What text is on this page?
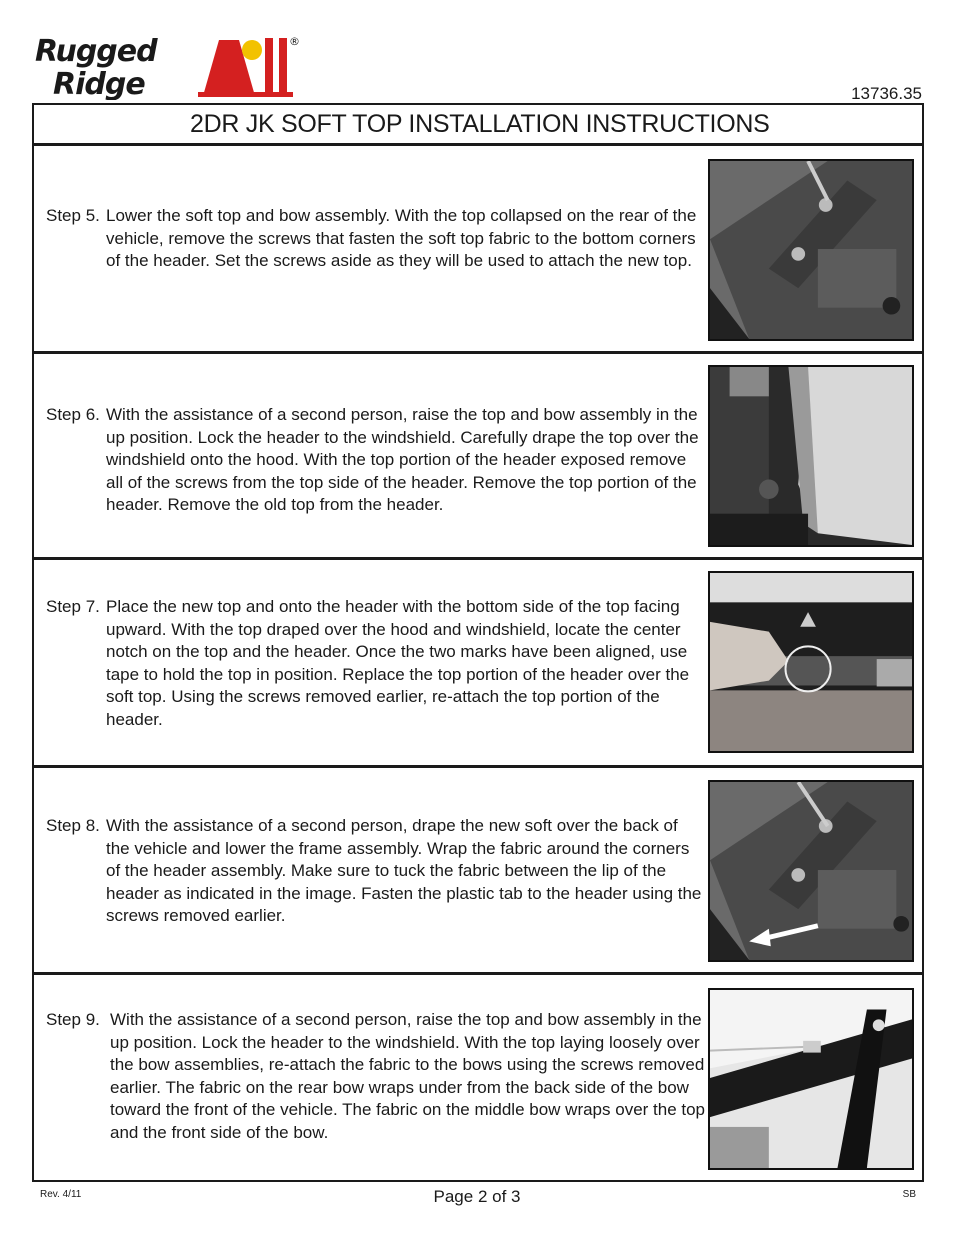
Rugged
Ridge
®
13736.35
2DR JK SOFT TOP INSTALLATION INSTRUCTIONS
Step 5. Lower the soft top and bow assembly. With the top collapsed on the rear of the vehicle, remove the screws that fasten the soft top fabric to the bottom corners of the header. Set the screws aside as they will be used to attach the new top.
Step 6. With the assistance of a second person, raise the top and bow assembly in the up position. Lock the header to the windshield. Carefully drape the top over the windshield onto the hood. With the top portion of the header exposed remove all of the screws from the top side of the header. Remove the top portion of the header. Remove the old top from the header.
Step 7. Place the new top and onto the header with the bottom side of the top facing upward. With the top draped over the hood and windshield, locate the center notch on the top and the header. Once the two marks have been aligned, use tape to hold the top in position. Replace the top portion of the header over the soft top. Using the screws removed earlier, re-attach the top portion of the header.
Step 8. With the assistance of a second person, drape the new soft over the back of the vehicle and lower the frame assembly. Wrap the fabric around the corners of the header assembly. Make sure to tuck the fabric between the lip of the header as indicated in the image. Fasten the plastic tab to the header using the screws removed earlier.
Step 9. With the assistance of a second person, raise the top and bow assembly in the up position. Lock the header to the windshield. With the top laying loosely over the bow assemblies, re-attach the fabric to the bows using the screws removed earlier. The fabric on the rear bow wraps under from the back side of the bow toward the front of the vehicle. The fabric on the middle bow wraps over the top and the front side of the bow.
Rev. 4/11	Page 2 of 3	SB
